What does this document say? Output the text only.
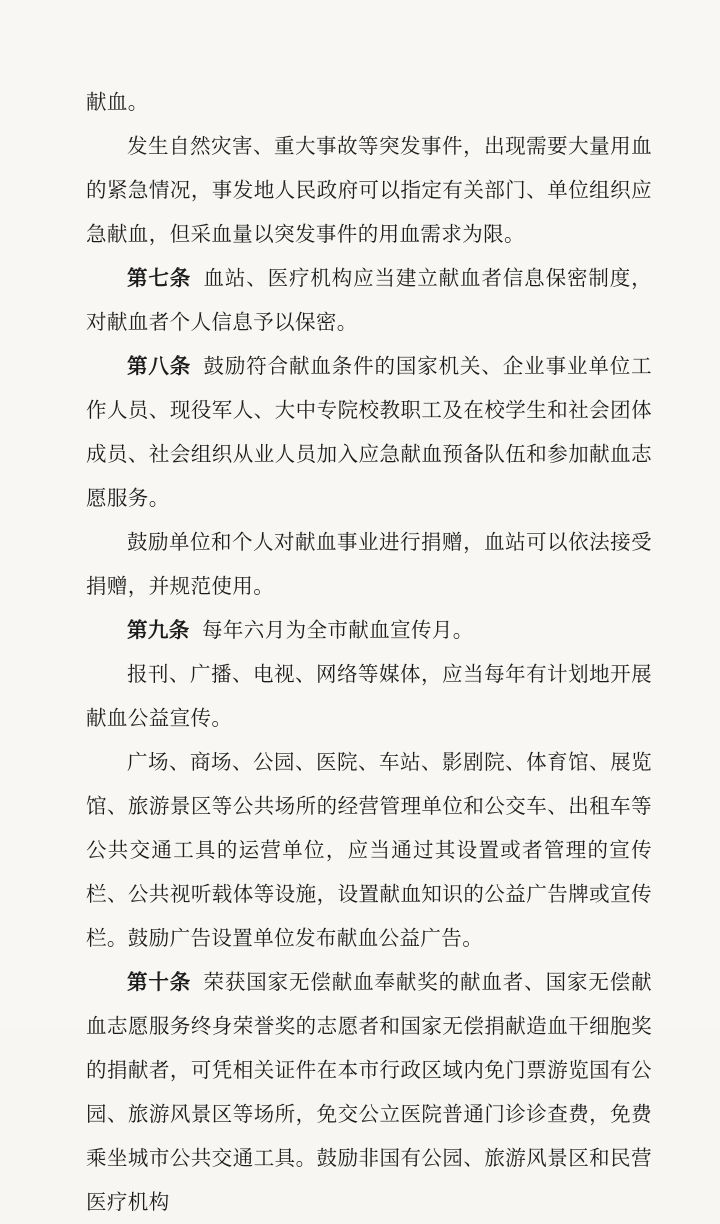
献血。

发生自然灾害、重大事故等突发事件，出现需要大量用血的紧急情况，事发地人民政府可以指定有关部门、单位组织应急献血，但采血量以突发事件的用血需求为限。

第七条 血站、医疗机构应当建立献血者信息保密制度，对献血者个人信息予以保密。

第八条 鼓励符合献血条件的国家机关、企业事业单位工作人员、现役军人、大中专院校教职工及在校学生和社会团体成员、社会组织从业人员加入应急献血预备队伍和参加献血志愿服务。

鼓励单位和个人对献血事业进行捐赠，血站可以依法接受捐赠，并规范使用。

第九条 每年六月为全市献血宣传月。

报刊、广播、电视、网络等媒体，应当每年有计划地开展献血公益宣传。

广场、商场、公园、医院、车站、影剧院、体育馆、展览馆、旅游景区等公共场所的经营管理单位和公交车、出租车等公共交通工具的运营单位，应当通过其设置或者管理的宣传栏、公共视听载体等设施，设置献血知识的公益广告牌或宣传栏。鼓励广告设置单位发布献血公益广告。

第十条 荣获国家无偿献血奉献奖的献血者、国家无偿献血志愿服务终身荣誉奖的志愿者和国家无偿捐献造血干细胞奖的捐献者，可凭相关证件在本市行政区域内免门票游览国有公园、旅游风景区等场所，免交公立医院普通门诊诊查费，免费乘坐城市公共交通工具。鼓励非国有公园、旅游风景区和民营医疗机构
